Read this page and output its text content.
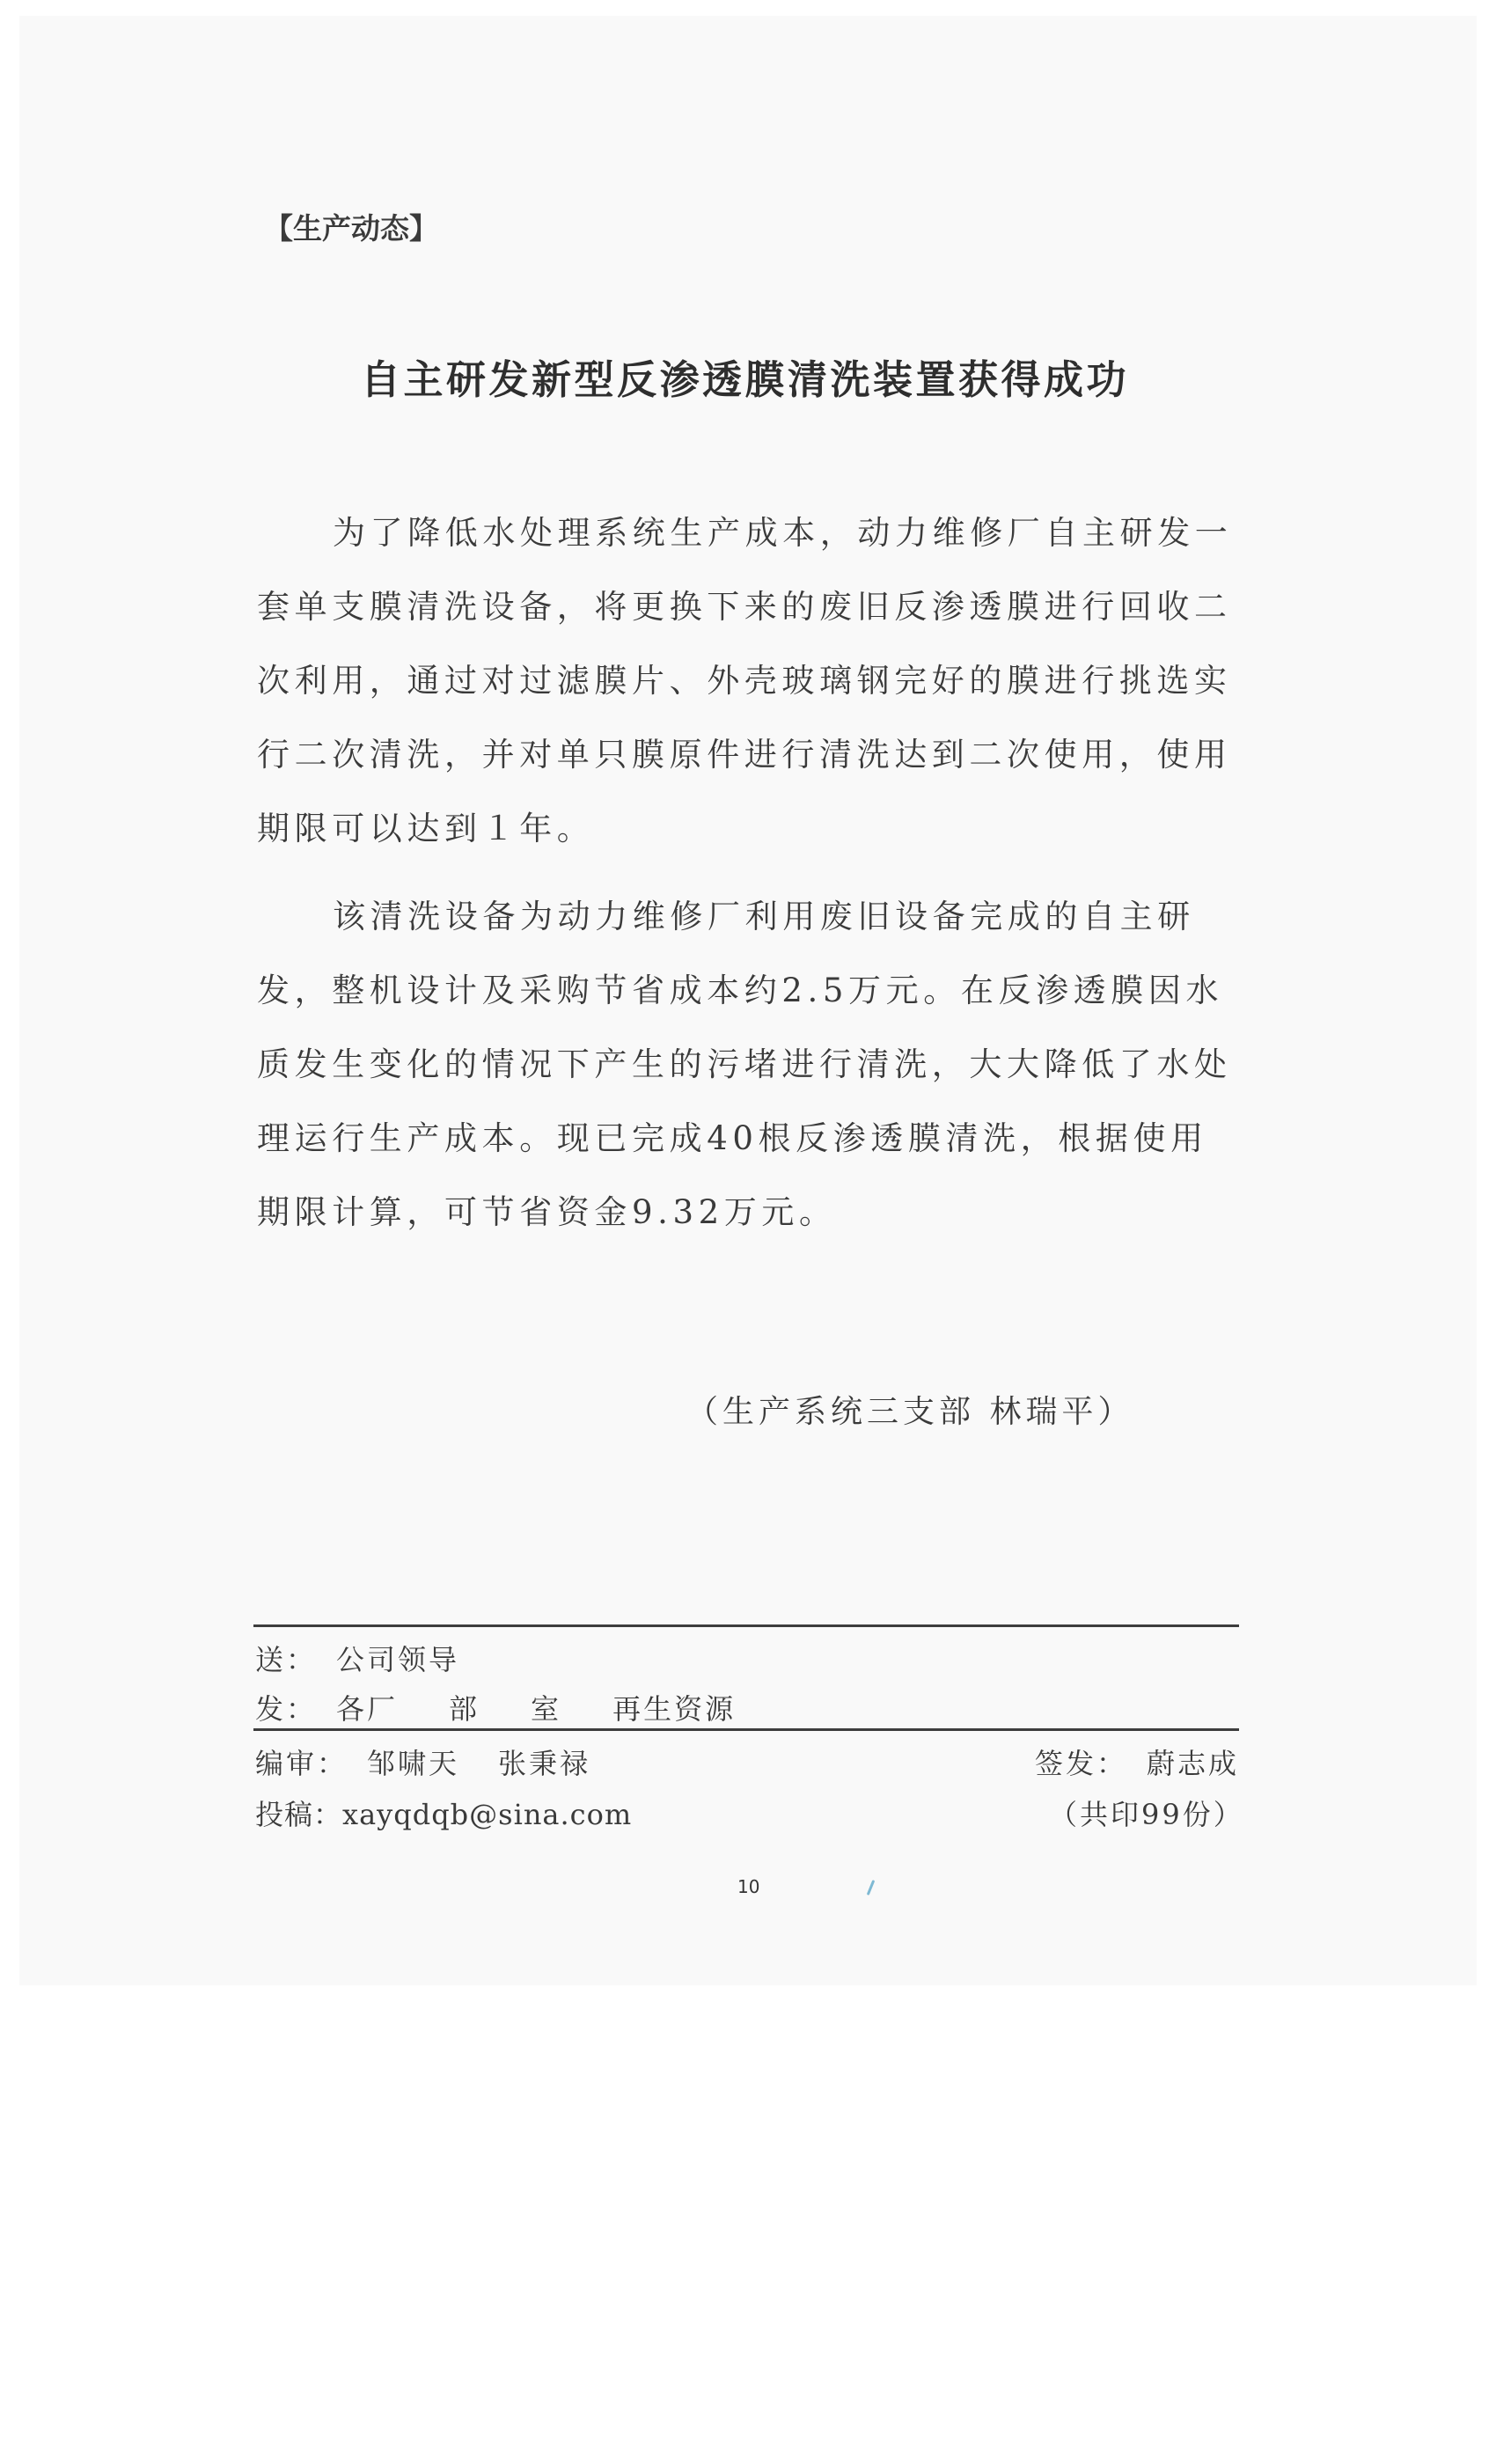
【生产动态】
自主研发新型反渗透膜清洗装置获得成功
为了降低水处理系统生产成本，动力维修厂自主研发一
套单支膜清洗设备，将更换下来的废旧反渗透膜进行回收二
次利用，通过对过滤膜片、外壳玻璃钢完好的膜进行挑选实
行二次清洗，并对单只膜原件进行清洗达到二次使用，使用
期限可以达到１年。
该清洗设备为动力维修厂利用废旧设备完成的自主研
发，整机设计及采购节省成本约2.5万元。在反渗透膜因水
质发生变化的情况下产生的污堵进行清洗，大大降低了水处
理运行生产成本。现已完成40根反渗透膜清洗，根据使用
期限计算，可节省资金9.32万元。
（生产系统三支部 林瑞平）
送： 公司领导
发： 各厂 部 室 再生资源
编审： 邹啸天 张秉禄
投稿：xayqdqb@sina.com
签发： 蔚志成
（共印99份）
10
